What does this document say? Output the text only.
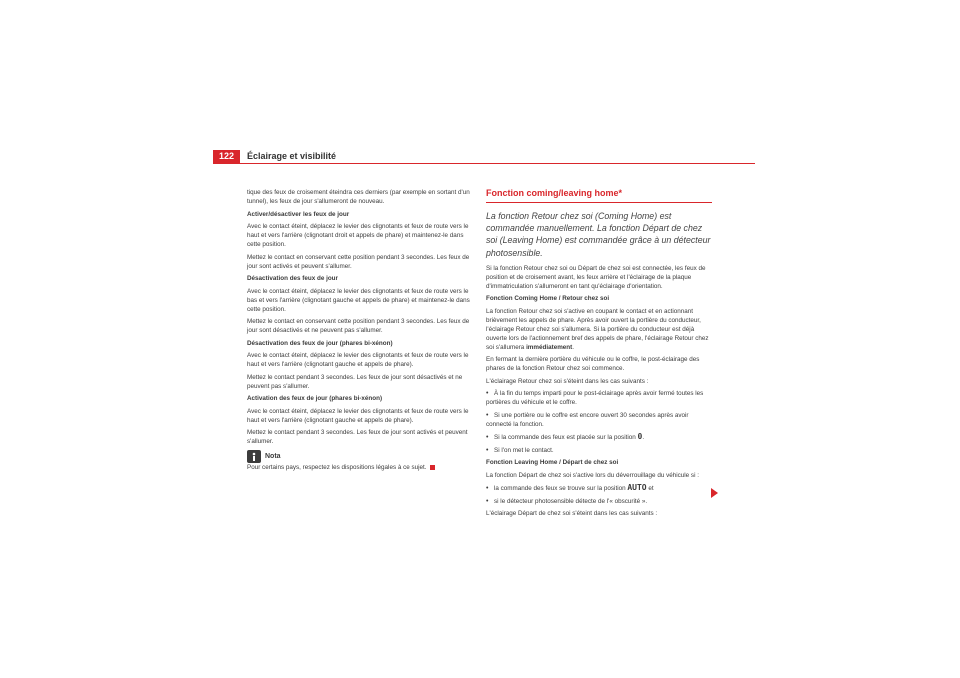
122	Éclairage et visibilité

tique des feux de croisement éteindra ces derniers (par exemple en sortant d'un tunnel), les feux de jour s'allumeront de nouveau.

Activer/désactiver les feux de jour

Avec le contact éteint, déplacez le levier des clignotants et feux de route vers le haut et vers l'arrière (clignotant droit et appels de phare) et maintenez-le dans cette position.

Mettez le contact en conservant cette position pendant 3 secondes. Les feux de jour sont activés et peuvent s'allumer.

Désactivation des feux de jour

Avec le contact éteint, déplacez le levier des clignotants et feux de route vers le bas et vers l'arrière (clignotant gauche et appels de phare) et maintenez-le dans cette position.

Mettez le contact en conservant cette position pendant 3 secondes. Les feux de jour sont désactivés et ne peuvent pas s'allumer.

Désactivation des feux de jour (phares bi-xénon)

Avec le contact éteint, déplacez le levier des clignotants et feux de route vers le haut et vers l'arrière (clignotant gauche et appels de phare).

Mettez le contact pendant 3 secondes. Les feux de jour sont désactivés et ne peuvent pas s'allumer.

Activation des feux de jour (phares bi-xénon)

Avec le contact éteint, déplacez le levier des clignotants et feux de route vers le haut et vers l'arrière (clignotant gauche et appels de phare).

Mettez le contact pendant 3 secondes. Les feux de jour sont activés et peuvent s'allumer.

Nota

Pour certains pays, respectez les dispositions légales à ce sujet.

Fonction coming/leaving home*
La fonction Retour chez soi (Coming Home) est commandée manuellement. La fonction Départ de chez soi (Leaving Home) est commandée grâce à un détecteur photosensible.

Si la fonction Retour chez soi ou Départ de chez soi est connectée, les feux de position et de croisement avant, les feux arrière et l'éclairage de la plaque d'immatriculation s'allumeront en tant qu'éclairage d'orientation.

Fonction Coming Home / Retour chez soi

La fonction Retour chez soi s'active en coupant le contact et en actionnant brièvement les appels de phare. Après avoir ouvert la portière du conducteur, l'éclairage Retour chez soi s'allumera. Si la portière du conducteur est déjà ouverte lors de l'actionnement bref des appels de phare, l'éclairage Retour chez soi s'allumera immédiatement.

En fermant la dernière portière du véhicule ou le coffre, le post-éclairage des phares de la fonction Retour chez soi commence.

L'éclairage Retour chez soi s'éteint dans les cas suivants :

• À la fin du temps imparti pour le post-éclairage après avoir fermé toutes les portières du véhicule et le coffre.

• Si une portière ou le coffre est encore ouvert 30 secondes après avoir connecté la fonction.

• Si la commande des feux est placée sur la position 0.

• Si l'on met le contact.

Fonction Leaving Home / Départ de chez soi

La fonction Départ de chez soi s'active lors du déverrouillage du véhicule si :

• la commande des feux se trouve sur la position AUTO et

• si le détecteur photosensible détecte de l'« obscurité ».

L'éclairage Départ de chez soi s'éteint dans les cas suivants :
